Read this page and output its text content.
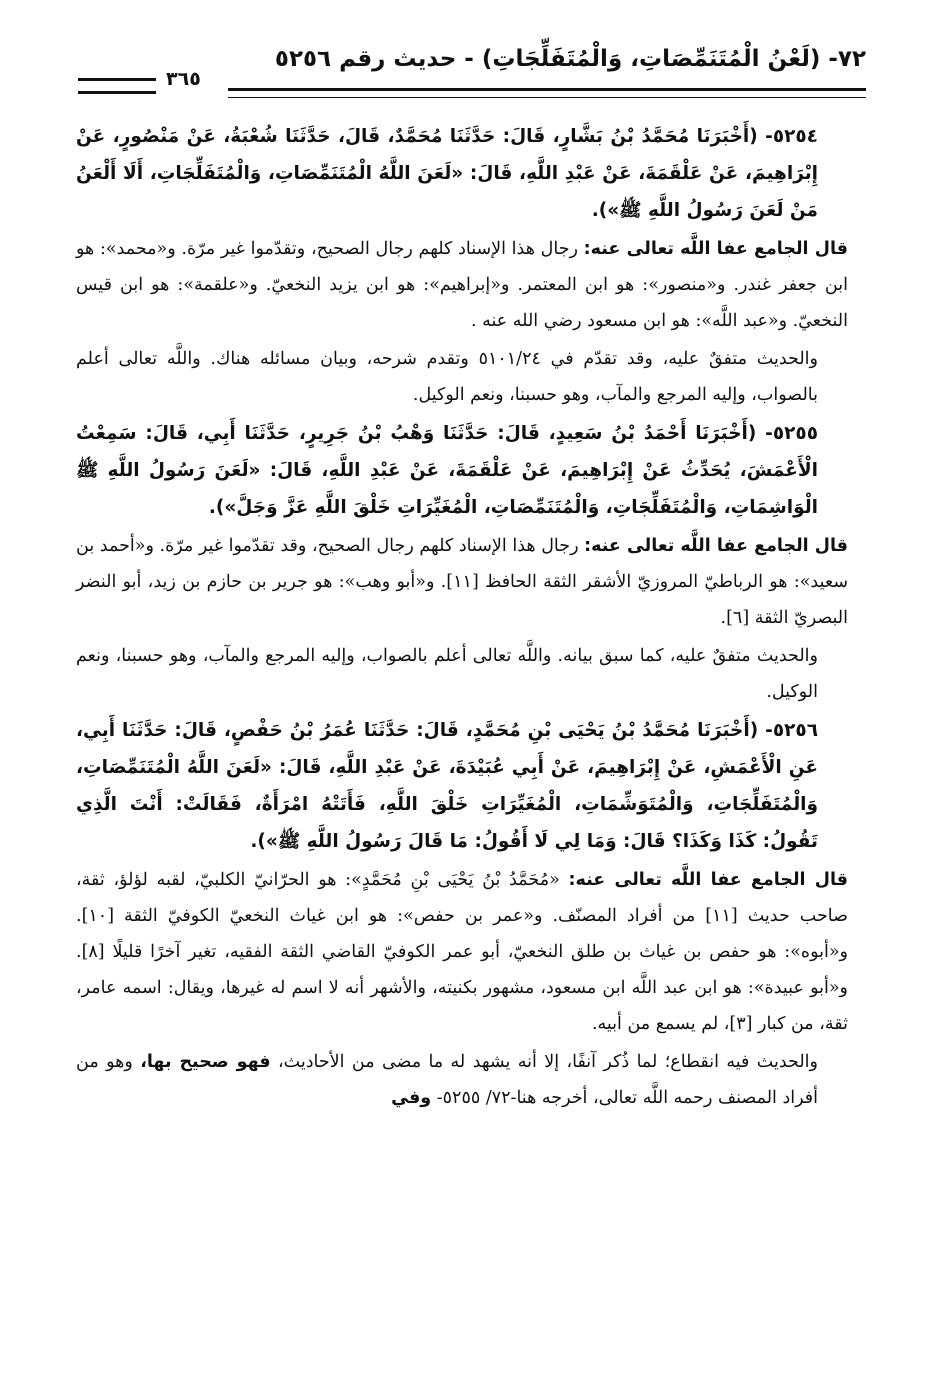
٧٢- (لَعْنُ الْمُتَنَمِّصَاتِ، وَالْمُتَفَلِّجَاتِ) - حديث رقم ٥٢٥٦
٣٦٥

٥٢٥٤- (أَخْبَرَنَا مُحَمَّدُ بْنُ بَشَّارٍ، قَالَ: حَدَّثَنَا مُحَمَّدٌ، قَالَ، حَدَّثَنَا شُعْبَةُ، عَنْ مَنْصُورٍ، عَنْ إِبْرَاهِيمَ، عَنْ عَلْقَمَةَ، عَنْ عَبْدِ اللَّهِ، قَالَ: «لَعَنَ اللَّهُ الْمُتَنَمِّصَاتِ، وَالْمُتَفَلِّجَاتِ، أَلَا أَلْعَنُ مَنْ لَعَنَ رَسُولُ اللَّهِ ﷺ»).

قال الجامع عفا اللَّه تعالى عنه: رجال هذا الإسناد كلهم رجال الصحيح، وتقدّموا غير مرّة. و«محمد»: هو ابن جعفر غندر. و«منصور»: هو ابن المعتمر. و«إبراهيم»: هو ابن يزيد النخعيّ. و«علقمة»: هو ابن قيس النخعيّ. و«عبد اللَّه»: هو ابن مسعود رضي الله عنه .

والحديث متفقٌ عليه، وقد تقدّم في ٥١٠١/٢٤ وتقدم شرحه، وبيان مسائله هناك. واللَّه تعالى أعلم بالصواب، وإليه المرجع والمآب، وهو حسبنا، ونعم الوكيل.

٥٢٥٥- (أَخْبَرَنَا أَحْمَدُ بْنُ سَعِيدٍ، قَالَ: حَدَّثَنَا وَهْبُ بْنُ جَرِيرٍ، حَدَّثَنَا أَبِي، قَالَ: سَمِعْتُ الْأَعْمَشَ، يُحَدِّثُ عَنْ إِبْرَاهِيمَ، عَنْ عَلْقَمَةَ، عَنْ عَبْدِ اللَّهِ، قَالَ: «لَعَنَ رَسُولُ اللَّهِ ﷺ الْوَاشِمَاتِ، وَالْمُتَفَلِّجَاتِ، وَالْمُتَنَمِّصَاتِ، الْمُغَيِّرَاتِ خَلْقَ اللَّهِ عَزَّ وَجَلَّ»).

قال الجامع عفا اللَّه تعالى عنه: رجال هذا الإسناد كلهم رجال الصحيح، وقد تقدّموا غير مرّة. و«أحمد بن سعيد»: هو الرباطيّ المروزيّ الأشقر الثقة الحافظ [١١]. و«أبو وهب»: هو جرير بن حازم بن زيد، أبو النضر البصريّ الثقة [٦].

والحديث متفقٌ عليه، كما سبق بيانه. واللَّه تعالى أعلم بالصواب، وإليه المرجع والمآب، وهو حسبنا، ونعم الوكيل.

٥٢٥٦- (أَخْبَرَنَا مُحَمَّدُ بْنُ يَحْيَى بْنِ مُحَمَّدٍ، قَالَ: حَدَّثَنَا عُمَرُ بْنُ حَفْصٍ، قَالَ: حَدَّثَنَا أَبِي، عَنِ الْأَعْمَشِ، عَنْ إِبْرَاهِيمَ، عَنْ أَبِي عُبَيْدَةَ، عَنْ عَبْدِ اللَّهِ، قَالَ: «لَعَنَ اللَّهُ الْمُتَنَمِّصَاتِ، وَالْمُتَفَلِّجَاتِ، وَالْمُتَوَشِّمَاتِ، الْمُغَيِّرَاتِ خَلْقَ اللَّهِ، فَأَتَتْهُ امْرَأَةٌ، فَقَالَتْ: أَنْتَ الَّذِي تَقُولُ: كَذَا وَكَذَا؟ قَالَ: وَمَا لِي لَا أَقُولُ: مَا قَالَ رَسُولُ اللَّهِ ﷺ»).

قال الجامع عفا اللَّه تعالى عنه: «مُحَمَّدُ بْنُ يَحْيَى بْنِ مُحَمَّدٍ»: هو الحرّانيّ الكلبيّ، لقبه لؤلؤ، ثقة، صاحب حديث [١١] من أفراد المصنّف. و«عمر بن حفص»: هو ابن غياث النخعيّ الكوفيّ الثقة [١٠]. و«أبوه»: هو حفص بن غياث بن طلق النخعيّ، أبو عمر الكوفيّ القاضي الثقة الفقيه، تغير آخرًا قليلًا [٨]. و«أبو عبيدة»: هو ابن عبد اللَّه ابن مسعود، مشهور بكنيته، والأشهر أنه لا اسم له غيرها، ويقال: اسمه عامر، ثقة، من كبار [٣]، لم يسمع من أبيه.

والحديث فيه انقطاع؛ لما ذُكر آنفًا، إلا أنه يشهد له ما مضى من الأحاديث، فهو صحيح بها، وهو من أفراد المصنف رحمه اللَّه تعالى، أخرجه هنا-٧٢/ ٥٢٥٥- وفي
